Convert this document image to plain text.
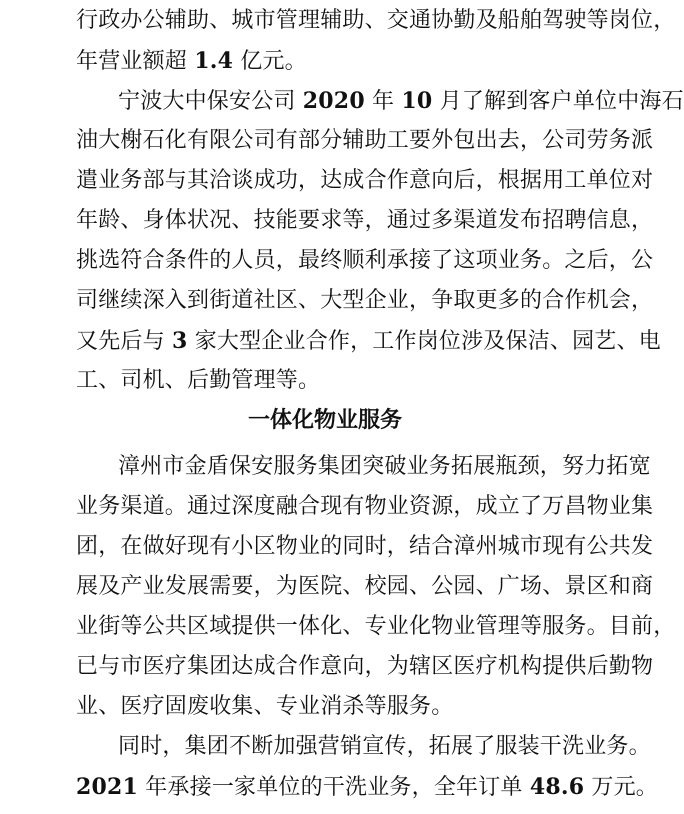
行政办公辅助、城市管理辅助、交通协勤及船舶驾驶等岗位，
年营业额超 1.4 亿元。
宁波大中保安公司 2020 年 10 月了解到客户单位中海石
油大榭石化有限公司有部分辅助工要外包出去，公司劳务派
遣业务部与其洽谈成功，达成合作意向后，根据用工单位对
年龄、身体状况、技能要求等，通过多渠道发布招聘信息，
挑选符合条件的人员，最终顺利承接了这项业务。之后，公
司继续深入到街道社区、大型企业，争取更多的合作机会，
又先后与 3 家大型企业合作，工作岗位涉及保洁、园艺、电
工、司机、后勤管理等。
一体化物业服务
漳州市金盾保安服务集团突破业务拓展瓶颈，努力拓宽
业务渠道。通过深度融合现有物业资源，成立了万昌物业集
团，在做好现有小区物业的同时，结合漳州城市现有公共发
展及产业发展需要，为医院、校园、公园、广场、景区和商
业街等公共区域提供一体化、专业化物业管理等服务。目前，
已与市医疗集团达成合作意向，为辖区医疗机构提供后勤物
业、医疗固废收集、专业消杀等服务。
同时，集团不断加强营销宣传，拓展了服装干洗业务。
2021 年承接一家单位的干洗业务，全年订单 48.6 万元。
